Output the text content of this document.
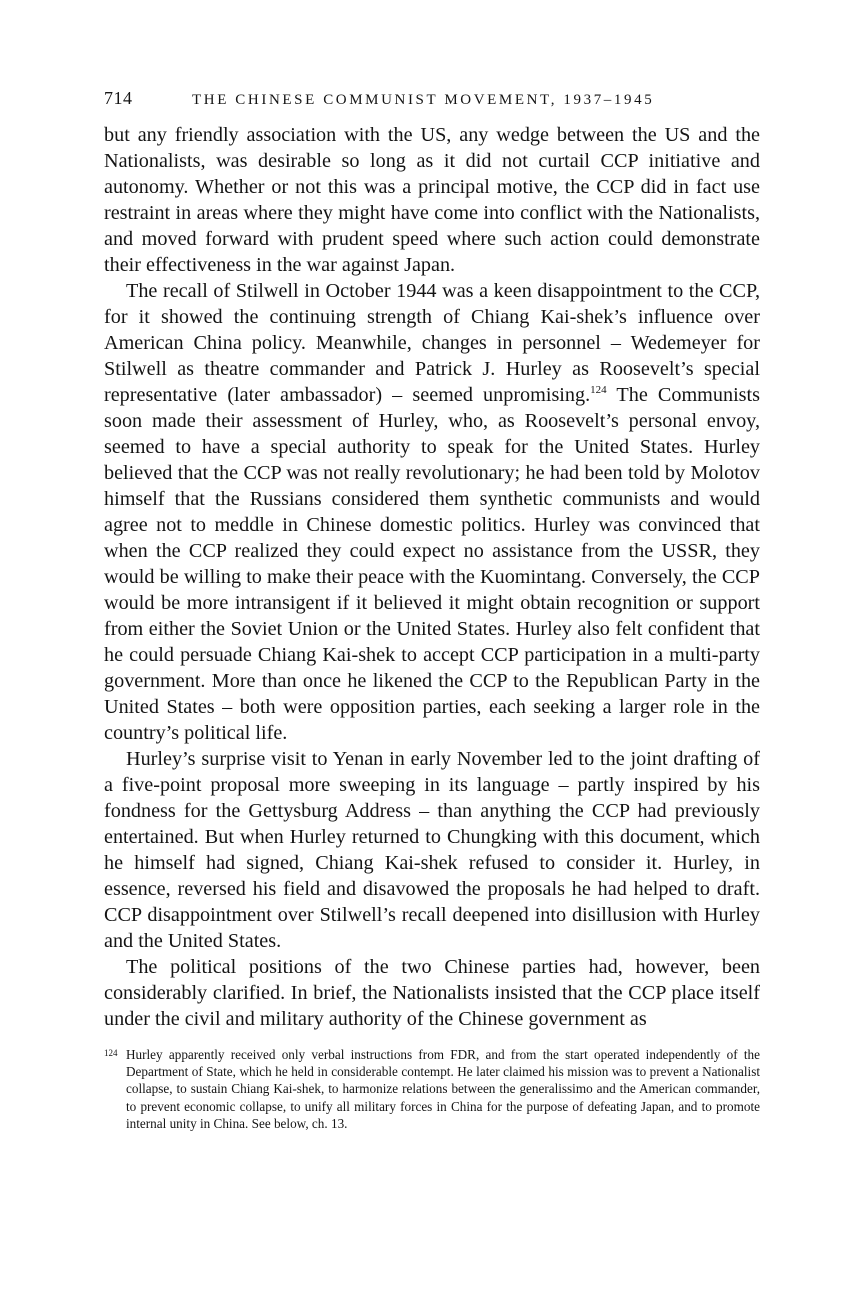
714	THE CHINESE COMMUNIST MOVEMENT, 1937–1945

but any friendly association with the US, any wedge between the US and the Nationalists, was desirable so long as it did not curtail CCP initiative and autonomy. Whether or not this was a principal motive, the CCP did in fact use restraint in areas where they might have come into conflict with the Nationalists, and moved forward with prudent speed where such action could demonstrate their effectiveness in the war against Japan.

The recall of Stilwell in October 1944 was a keen disappointment to the CCP, for it showed the continuing strength of Chiang Kai-shek’s influence over American China policy. Meanwhile, changes in personnel – Wedemeyer for Stilwell as theatre commander and Patrick J. Hurley as Roosevelt’s special representative (later ambassador) – seemed unpromising.$^{124}$ The Communists soon made their assessment of Hurley, who, as Roosevelt’s personal envoy, seemed to have a special authority to speak for the United States. Hurley believed that the CCP was not really revolutionary; he had been told by Molotov himself that the Russians considered them synthetic communists and would agree not to meddle in Chinese domestic politics. Hurley was convinced that when the CCP realized they could expect no assistance from the USSR, they would be willing to make their peace with the Kuomintang. Conversely, the CCP would be more intransigent if it believed it might obtain recognition or support from either the Soviet Union or the United States. Hurley also felt confident that he could persuade Chiang Kai-shek to accept CCP participation in a multi-party government. More than once he likened the CCP to the Republican Party in the United States – both were opposition parties, each seeking a larger role in the country’s political life.

Hurley’s surprise visit to Yenan in early November led to the joint drafting of a five-point proposal more sweeping in its language – partly inspired by his fondness for the Gettysburg Address – than anything the CCP had previously entertained. But when Hurley returned to Chungking with this document, which he himself had signed, Chiang Kai-shek refused to consider it. Hurley, in essence, reversed his field and disavowed the proposals he had helped to draft. CCP disappointment over Stilwell’s recall deepened into disillusion with Hurley and the United States.

The political positions of the two Chinese parties had, however, been considerably clarified. In brief, the Nationalists insisted that the CCP place itself under the civil and military authority of the Chinese government as

124 Hurley apparently received only verbal instructions from FDR, and from the start operated independently of the Department of State, which he held in considerable contempt. He later claimed his mission was to prevent a Nationalist collapse, to sustain Chiang Kai-shek, to harmonize relations between the generalissimo and the American commander, to prevent economic collapse, to unify all military forces in China for the purpose of defeating Japan, and to promote internal unity in China. See below, ch. 13.
